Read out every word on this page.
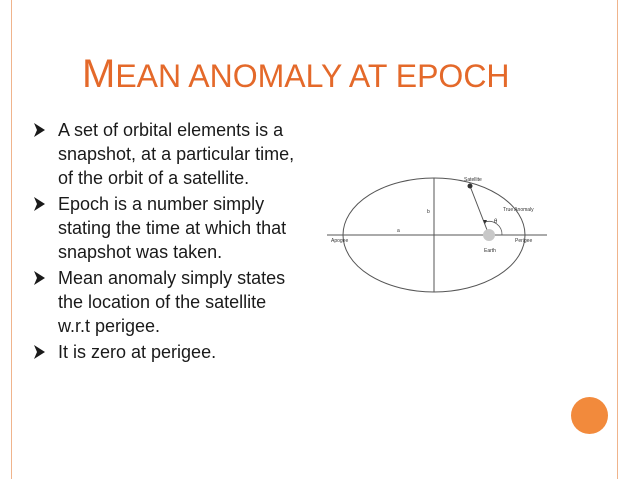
MEAN ANOMALY AT EPOCH
A set of orbital elements is a snapshot, at a particular time, of the orbit of a satellite.
Epoch is a number simply stating the time at which that snapshot was taken.
Mean anomaly simply states the location of the satellite w.r.t perigee.
It is zero at perigee.
Satellite
True Anomaly
θ
b
a
Apogee	Perigee
Earth
